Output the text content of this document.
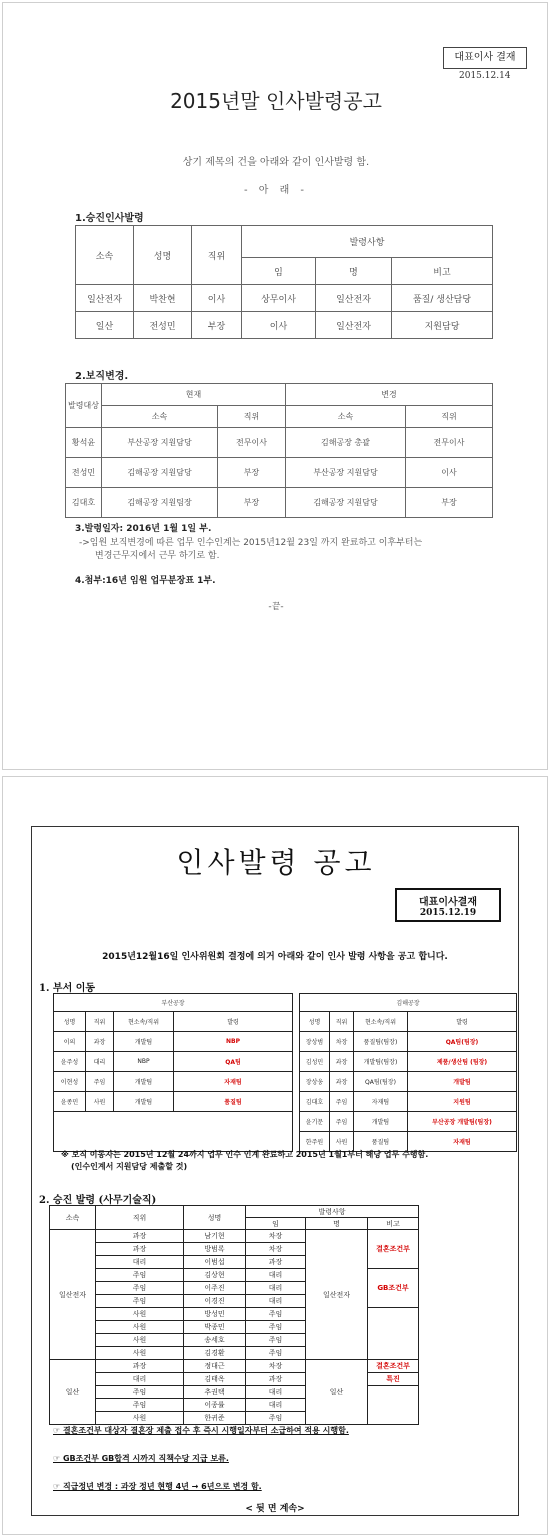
대표이사 결재
2015.12.14
2015년말 인사발령공고
상기 제목의 건을 아래와 같이 인사발령 함.
- 아 래 -
1.승진인사발령
소속	성명	직위	발령사항		
			임	명	비고
일산전자	박찬현	이사	상무이사	일산전자	품질/ 생산담당
일산	전성민	부장	이사	일산전자	지원담당
2.보직변경.
발령대상	현재		변경	
	소속	직위	소속	직위
황석윤	부산공장 지원담당	전무이사	김해공장 총괄	전무이사
전성민	김해공장 지원담당	부장	부산공장 지원담당	이사
김대호	김해공장 지원팀장	부장	김해공장 지원담당	부장
3.발령일자: 2016년 1월 1일 부.
->임원 보직변경에 따른 업무 인수인계는 2015년12월 23일 까지 완료하고 이후부터는
변경근무지에서 근무 하기로 함.
4.첨부:16년 임원 업무분장표 1부.
-끝-
인사발령 공고
대표이사결재
2015.12.19
2015년12월16일 인사위원회 결정에 의거 아래와 같이 인사 발령 사항을 공고 합니다.
1. 부서 이동
부산공장			
성명	직위	현소속/직위	발령
이의	과장	개발팀	NBP
윤주성	대리	NBP	QA팀
이현성	주임	개발팀	자재팀
윤종민	사원	개발팀	품질팀

김해공장			
성명	직위	현소속/직위	발령
장상범	차장	품질팀(팀장)	QA팀(팀장)
김성민	과장	개발팀(팀장)	제품/생산팀 (팀장)
장상웅	과장	QA팀(팀장)	개발팀
김대호	주임	자재팀	지원팀
윤기문	주임	개발팀	부산공장 개발팀(팀장)
한주원	사원	품질팀	자재팀
※ 보직 이동자는 2015년 12월 24까지 업무 인수 인계 완료하고 2015년 1월1부터 해당 업무 수행함.
(인수인계서 지원담당 제출할 것)
2. 승진 발령 (사무기술직)
소속	직위	성명	발령사항		
			임	명	비고
일산전자	과장	남기현	차장	일산전자	결혼조건부
	과장	방범록	차장		
	대리	이범섭	과장		
	주임	김상현	대리		GB조건부
	주임	이주진	대리		
	주임	이경진	대리		
	사원	방성민	주임		
	사원	박종민	주임		
	사원	송세호	주임		
	사원	김경환	주임		
일산	과장	정대근	차장	일산	결혼조건부
	대리	김태옥	과장		특진
	주임	추권택	대리		
	주임	이종률	대리		
	사원	한귀준	주임		
☞ 결혼조건부 대상자 결혼장 제출 접수 후 즉시 시행일자부터 소급하여 적용 시행함.
☞ GB조건부 GB합격 시까지 직책수당 지급 보류.
☞ 직급정년 변경 : 과장 정년 현행 4년 → 6년으로 변경 함.
< 뒷 면 계속>
